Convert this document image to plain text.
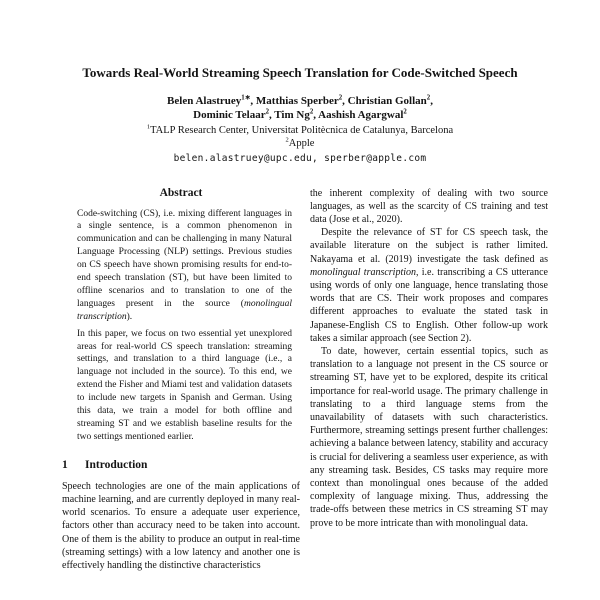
Towards Real-World Streaming Speech Translation for Code-Switched Speech
Belen Alastruey$^{1∗}$, Matthias Sperber$^2$, Christian Gollan$^2$,
Dominic Telaar$^2$, Tim Ng$^2$, Aashish Agargwal$^2$
$^1$TALP Research Center, Universitat Politècnica de Catalunya, Barcelona
$^2$Apple
belen.alastruey@upc.edu, sperber@apple.com
Abstract

Code-switching (CS), i.e. mixing different languages in a single sentence, is a common phenomenon in communication and can be challenging in many Natural Language Processing (NLP) settings. Previous studies on CS speech have shown promising results for end-to-end speech translation (ST), but have been limited to offline scenarios and to translation to one of the languages present in the source (monolingual transcription).

In this paper, we focus on two essential yet unexplored areas for real-world CS speech translation: streaming settings, and translation to a third language (i.e., a language not included in the source). To this end, we extend the Fisher and Miami test and validation datasets to include new targets in Spanish and German. Using this data, we train a model for both offline and streaming ST and we establish baseline results for the two settings mentioned earlier.

1 Introduction

Speech technologies are one of the main applications of machine learning, and are currently deployed in many real-world scenarios. To ensure a adequate user experience, factors other than accuracy need to be taken into account. One of them is the ability to produce an output in real-time (streaming settings) with a low latency and another one is effectively handling the distinctive characteristics

the inherent complexity of dealing with two source languages, as well as the scarcity of CS training and test data (Jose et al., 2020).

Despite the relevance of ST for CS speech task, the available literature on the subject is rather limited. Nakayama et al. (2019) investigate the task defined as monolingual transcription, i.e. transcribing a CS utterance using words of only one language, hence translating those words that are CS. Their work proposes and compares different approaches to evaluate the stated task in Japanese-English CS to English. Other follow-up work takes a similar approach (see Section 2).

To date, however, certain essential topics, such as translation to a language not present in the CS source or streaming ST, have yet to be explored, despite its critical importance for real-world usage. The primary challenge in translating to a third language stems from the unavailability of datasets with such characteristics. Furthermore, streaming settings present further challenges: achieving a balance between latency, stability and accuracy is crucial for delivering a seamless user experience, as with any streaming task. Besides, CS tasks may require more context than monolingual ones because of the added complexity of language mixing. Thus, addressing the trade-offs between these metrics in CS streaming ST may prove to be more intricate than with monolingual data.
